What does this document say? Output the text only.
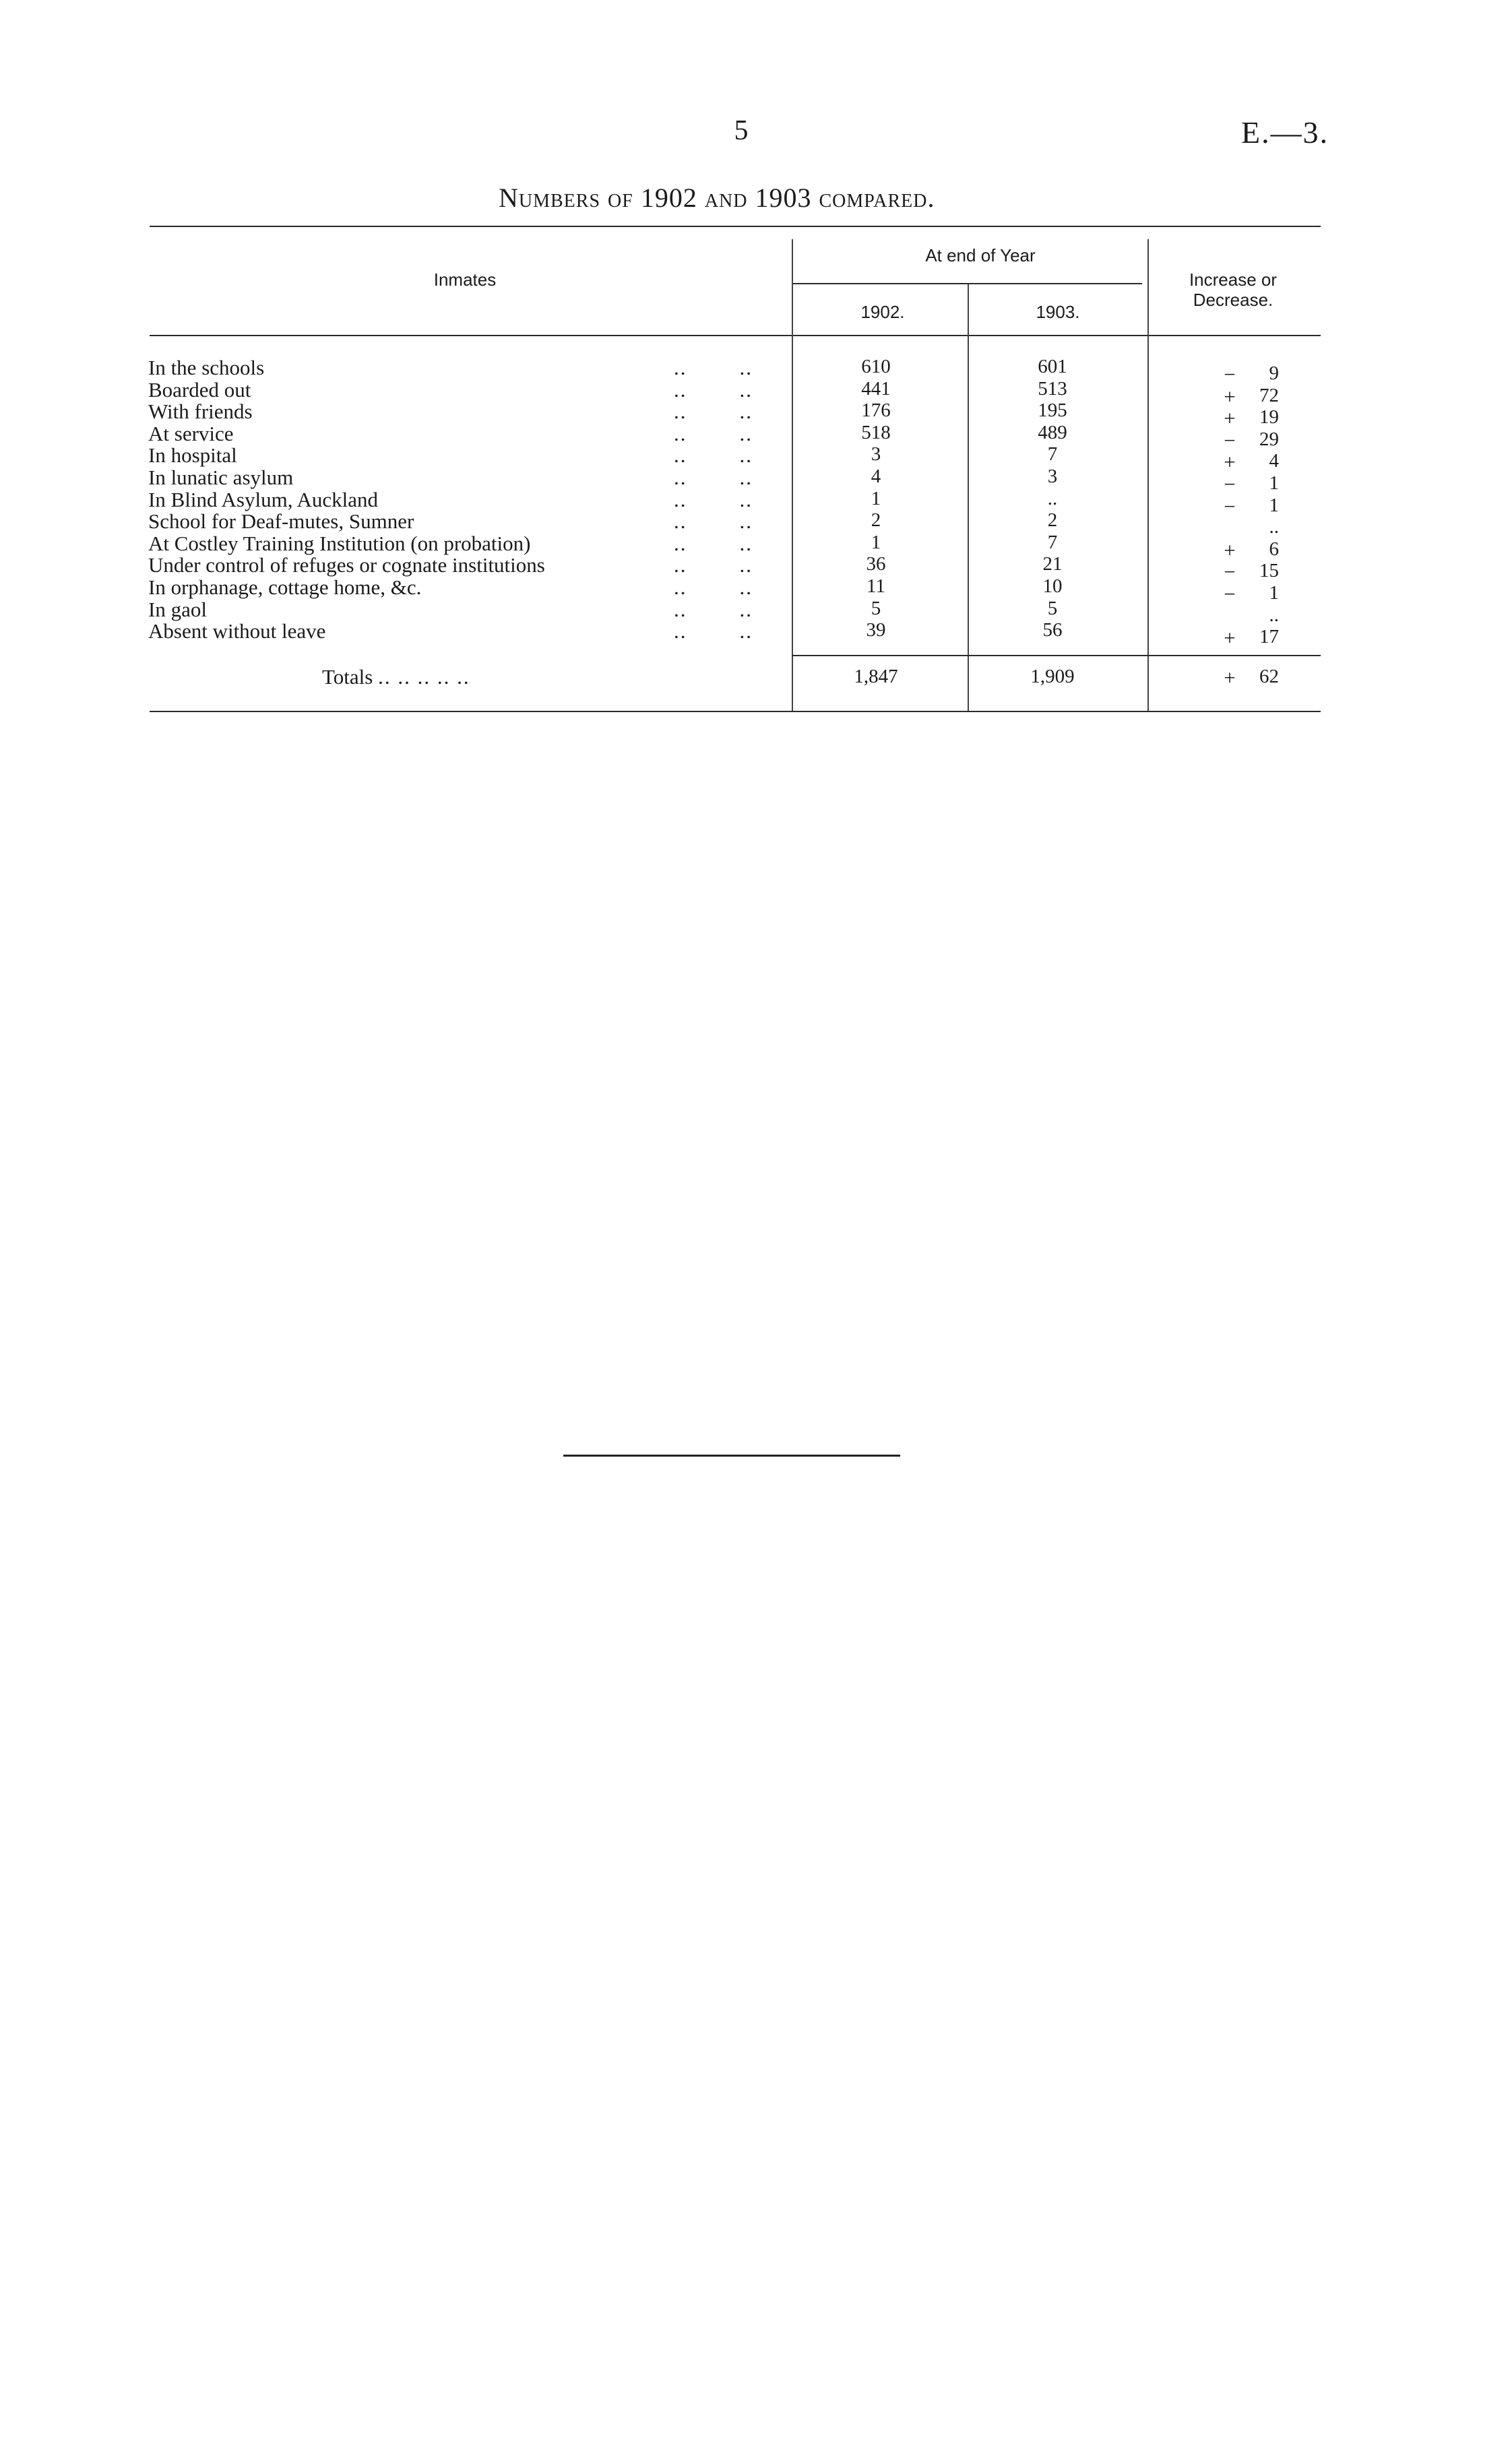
5	E.—3.
Numbers of 1902 and 1903 compared.
Inmates
At end of Year
1902.	1903.
Increase or Decrease.
In the schools	..        ..	610	601	−	9
Boarded out	..        ..	441	513	+	72
With friends	..        ..	176	195	+	19
At service	..        ..	518	489	−	29
In hospital	..        ..	3	7	+	4
In lunatic asylum	..        ..	4	3	−	1
In Blind Asylum, Auckland	..        ..	1	..	−	1
School for Deaf-mutes, Sumner	..        ..	2	2	..
At Costley Training Institution (on probation)	..        ..	1	7	+	6
Under control of refuges or cognate institutions	..        ..	36	21	−	15
In orphanage, cottage home, &c.	..        ..	11	10	−	1
In gaol	..        ..	5	5	..
Absent without leave	..        ..	39	56	+	17
Totals .. .. .. .. ..	1,847	1,909	+	62
